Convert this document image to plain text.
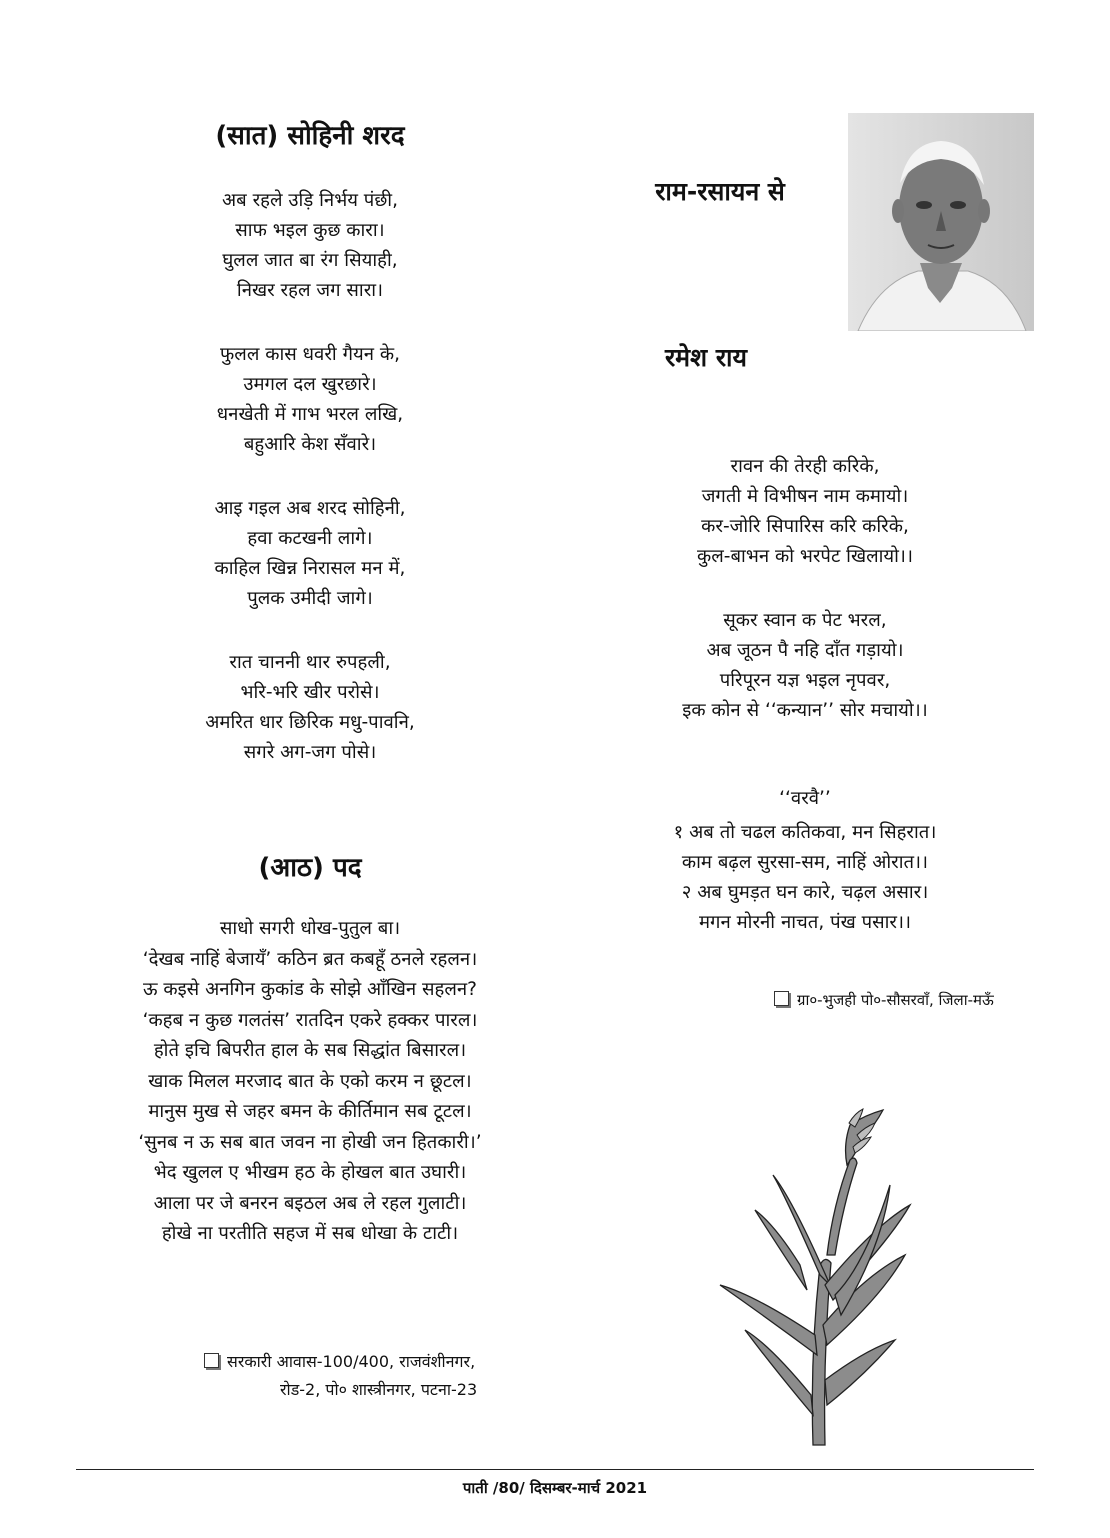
(सात) सोहिनी शरद
अब रहले उड़ि निर्भय पंछी,
साफ भइल कुछ कारा।
घुलल जात बा रंग सियाही,
निखर रहल जग सारा।
फुलल कास धवरी गैयन के,
उमगल दल खुरछारे।
धनखेती में गाभ भरल लखि,
बहुआरि केश सँवारे।
आइ गइल अब शरद सोहिनी,
हवा कटखनी लागे।
काहिल खिन्न निरासल मन में,
पुलक उमीदी जागे।
रात चाननी थार रुपहली,
भरि-भरि खीर परोसे।
अमरित धार छिरिक मधु-पावनि,
सगरे अग-जग पोसे।
(आठ) पद
साधो सगरी धोख-पुतुल बा।
‘देखब नाहिं बेजायँ’ कठिन ब्रत कबहूँ ठनले रहलन।
ऊ कइसे अनगिन कुकांड के सोझे आँखिन सहलन?
‘कहब न कुछ गलतंस’ रातदिन एकरे हक्कर पारल।
होते इचि बिपरीत हाल के सब सिद्धांत बिसारल।
खाक मिलल मरजाद बात के एको करम न छूटल।
मानुस मुख से जहर बमन के कीर्तिमान सब टूटल।
‘सुनब न ऊ सब बात जवन ना होखी जन हितकारी।’
भेद खुलल ए भीखम हठ के होखल बात उघारी।
आला पर जे बनरन बइठल अब ले रहल गुलाटी।
होखे ना परतीति सहज में सब धोखा के टाटी।
सरकारी आवास-100/400, राजवंशीनगर,
रोड-2, पो० शास्त्रीनगर, पटना-23
राम-रसायन से
रमेश राय
रावन की तेरही करिके,
जगती मे विभीषन नाम कमायो।
कर-जोरि सिपारिस करि करिके,
कुल-बाभन को भरपेट खिलायो।।
सूकर स्वान क पेट भरल,
अब जूठन पै नहि दाँत गड़ायो।
परिपूरन यज्ञ भइल नृपवर,
इक कोन से ‘‘कन्यान’’ सोर मचायो।।
‘‘वरवै’’
१ अब तो चढल कतिकवा, मन सिहरात।
काम बढ़ल सुरसा-सम, नाहिं ओरात।।
२ अब घुमड़त घन कारे, चढ़ल असार।
मगन मोरनी नाचत, पंख पसार।।
ग्रा०-भुजही पो०-सौसरवाँ, जिला-मऊँ
पाती /80/ दिसम्बर-मार्च 2021
